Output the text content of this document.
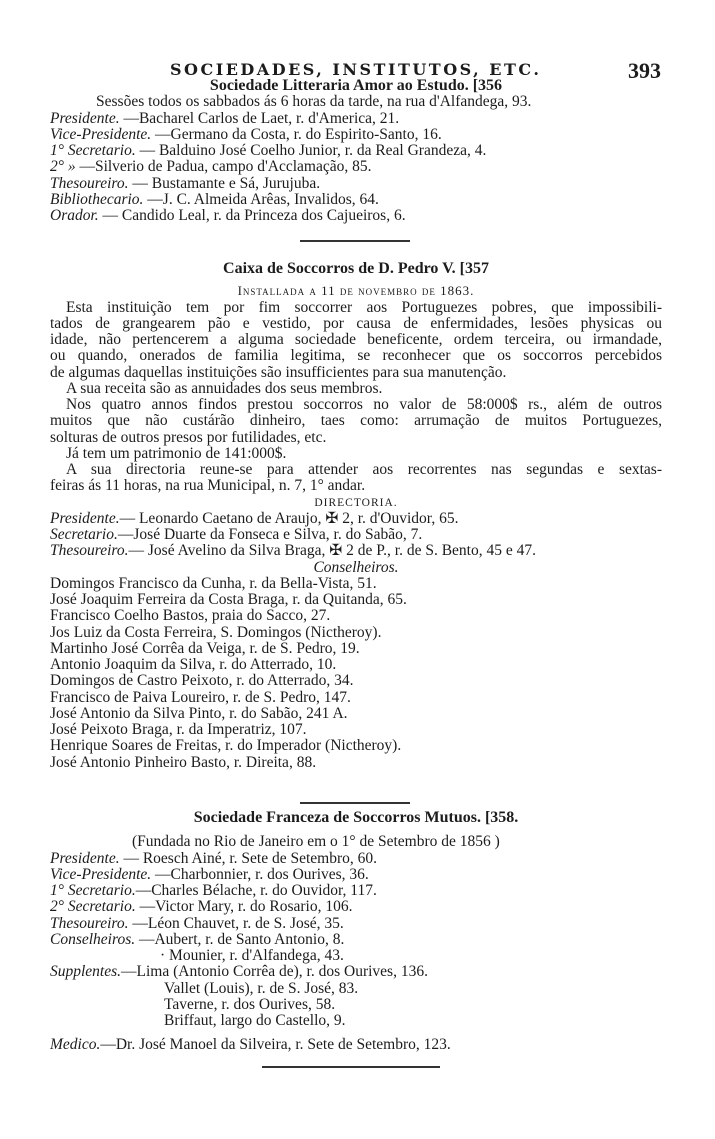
SOCIEDADES, INSTITUTOS, ETC.	393
Sociedade Litteraria Amor ao Estudo. [356
Sessões todos os sabbados ás 6 horas da tarde, na rua d'Alfandega, 93.
Presidente. —Bacharel Carlos de Laet, r. d'America, 21.
Vice-Presidente. —Germano da Costa, r. do Espirito-Santo, 16.
1° Secretario. — Balduino José Coelho Junior, r. da Real Grandeza, 4.
2° » —Silverio de Padua, campo d'Acclamação, 85.
Thesoureiro. — Bustamante e Sá, Jurujuba.
Bibliothecario. —J. C. Almeida Arêas, Invalidos, 64.
Orador. — Candido Leal, r. da Princeza dos Cajueiros, 6.
Caixa de Soccorros de D. Pedro V. [357
Installada a 11 de novembro de 1863.
Esta instituição tem por fim soccorrer aos Portuguezes pobres, que impossibili-
tados de grangearem pão e vestido, por causa de enfermidades, lesões physicas ou
idade, não pertencerem a alguma sociedade beneficente, ordem terceira, ou irmandade,
ou quando, onerados de familia legitima, se reconhecer que os soccorros percebidos
de algumas daquellas instituições são insufficientes para sua manutenção.
A sua receita são as annuidades dos seus membros.
Nos quatro annos findos prestou soccorros no valor de 58:000$ rs., além de outros
muitos que não custárão dinheiro, taes como: arrumação de muitos Portuguezes,
solturas de outros presos por futilidades, etc.
Já tem um patrimonio de 141:000$.
A sua directoria reune-se para attender aos recorrentes nas segundas e sextas-
feiras ás 11 horas, na rua Municipal, n. 7, 1° andar.
DIRECTORIA.
Presidente.— Leonardo Caetano de Araujo, ✠ 2, r. d'Ouvidor, 65.
Secretario.—José Duarte da Fonseca e Silva, r. do Sabão, 7.
Thesoureiro.— José Avelino da Silva Braga, ✠ 2 de P., r. de S. Bento, 45 e 47.
Conselheiros.
Domingos Francisco da Cunha, r. da Bella-Vista, 51.
José Joaquim Ferreira da Costa Braga, r. da Quitanda, 65.
Francisco Coelho Bastos, praia do Sacco, 27.
Jos Luiz da Costa Ferreira, S. Domingos (Nictheroy).
Martinho José Corrêa da Veiga, r. de S. Pedro, 19.
Antonio Joaquim da Silva, r. do Atterrado, 10.
Domingos de Castro Peixoto, r. do Atterrado, 34.
Francisco de Paiva Loureiro, r. de S. Pedro, 147.
José Antonio da Silva Pinto, r. do Sabão, 241 A.
José Peixoto Braga, r. da Imperatriz, 107.
Henrique Soares de Freitas, r. do Imperador (Nictheroy).
José Antonio Pinheiro Basto, r. Direita, 88.
Sociedade Franceza de Soccorros Mutuos. [358.
(Fundada no Rio de Janeiro em o 1° de Setembro de 1856 )
Presidente. — Roesch Ainé, r. Sete de Setembro, 60.
Vice-Presidente. —Charbonnier, r. dos Ourives, 36.
1° Secretario.—Charles Bélache, r. do Ouvidor, 117.
2° Secretario. —Victor Mary, r. do Rosario, 106.
Thesoureiro. —Léon Chauvet, r. de S. José, 35.
Conselheiros. —Aubert, r. de Santo Antonio, 8.
· Mounier, r. d'Alfandega, 43.
Supplentes.—Lima (Antonio Corrêa de), r. dos Ourives, 136.
Vallet (Louis), r. de S. José, 83.
Taverne, r. dos Ourives, 58.
Briffaut, largo do Castello, 9.
Medico.—Dr. José Manoel da Silveira, r. Sete de Setembro, 123.
